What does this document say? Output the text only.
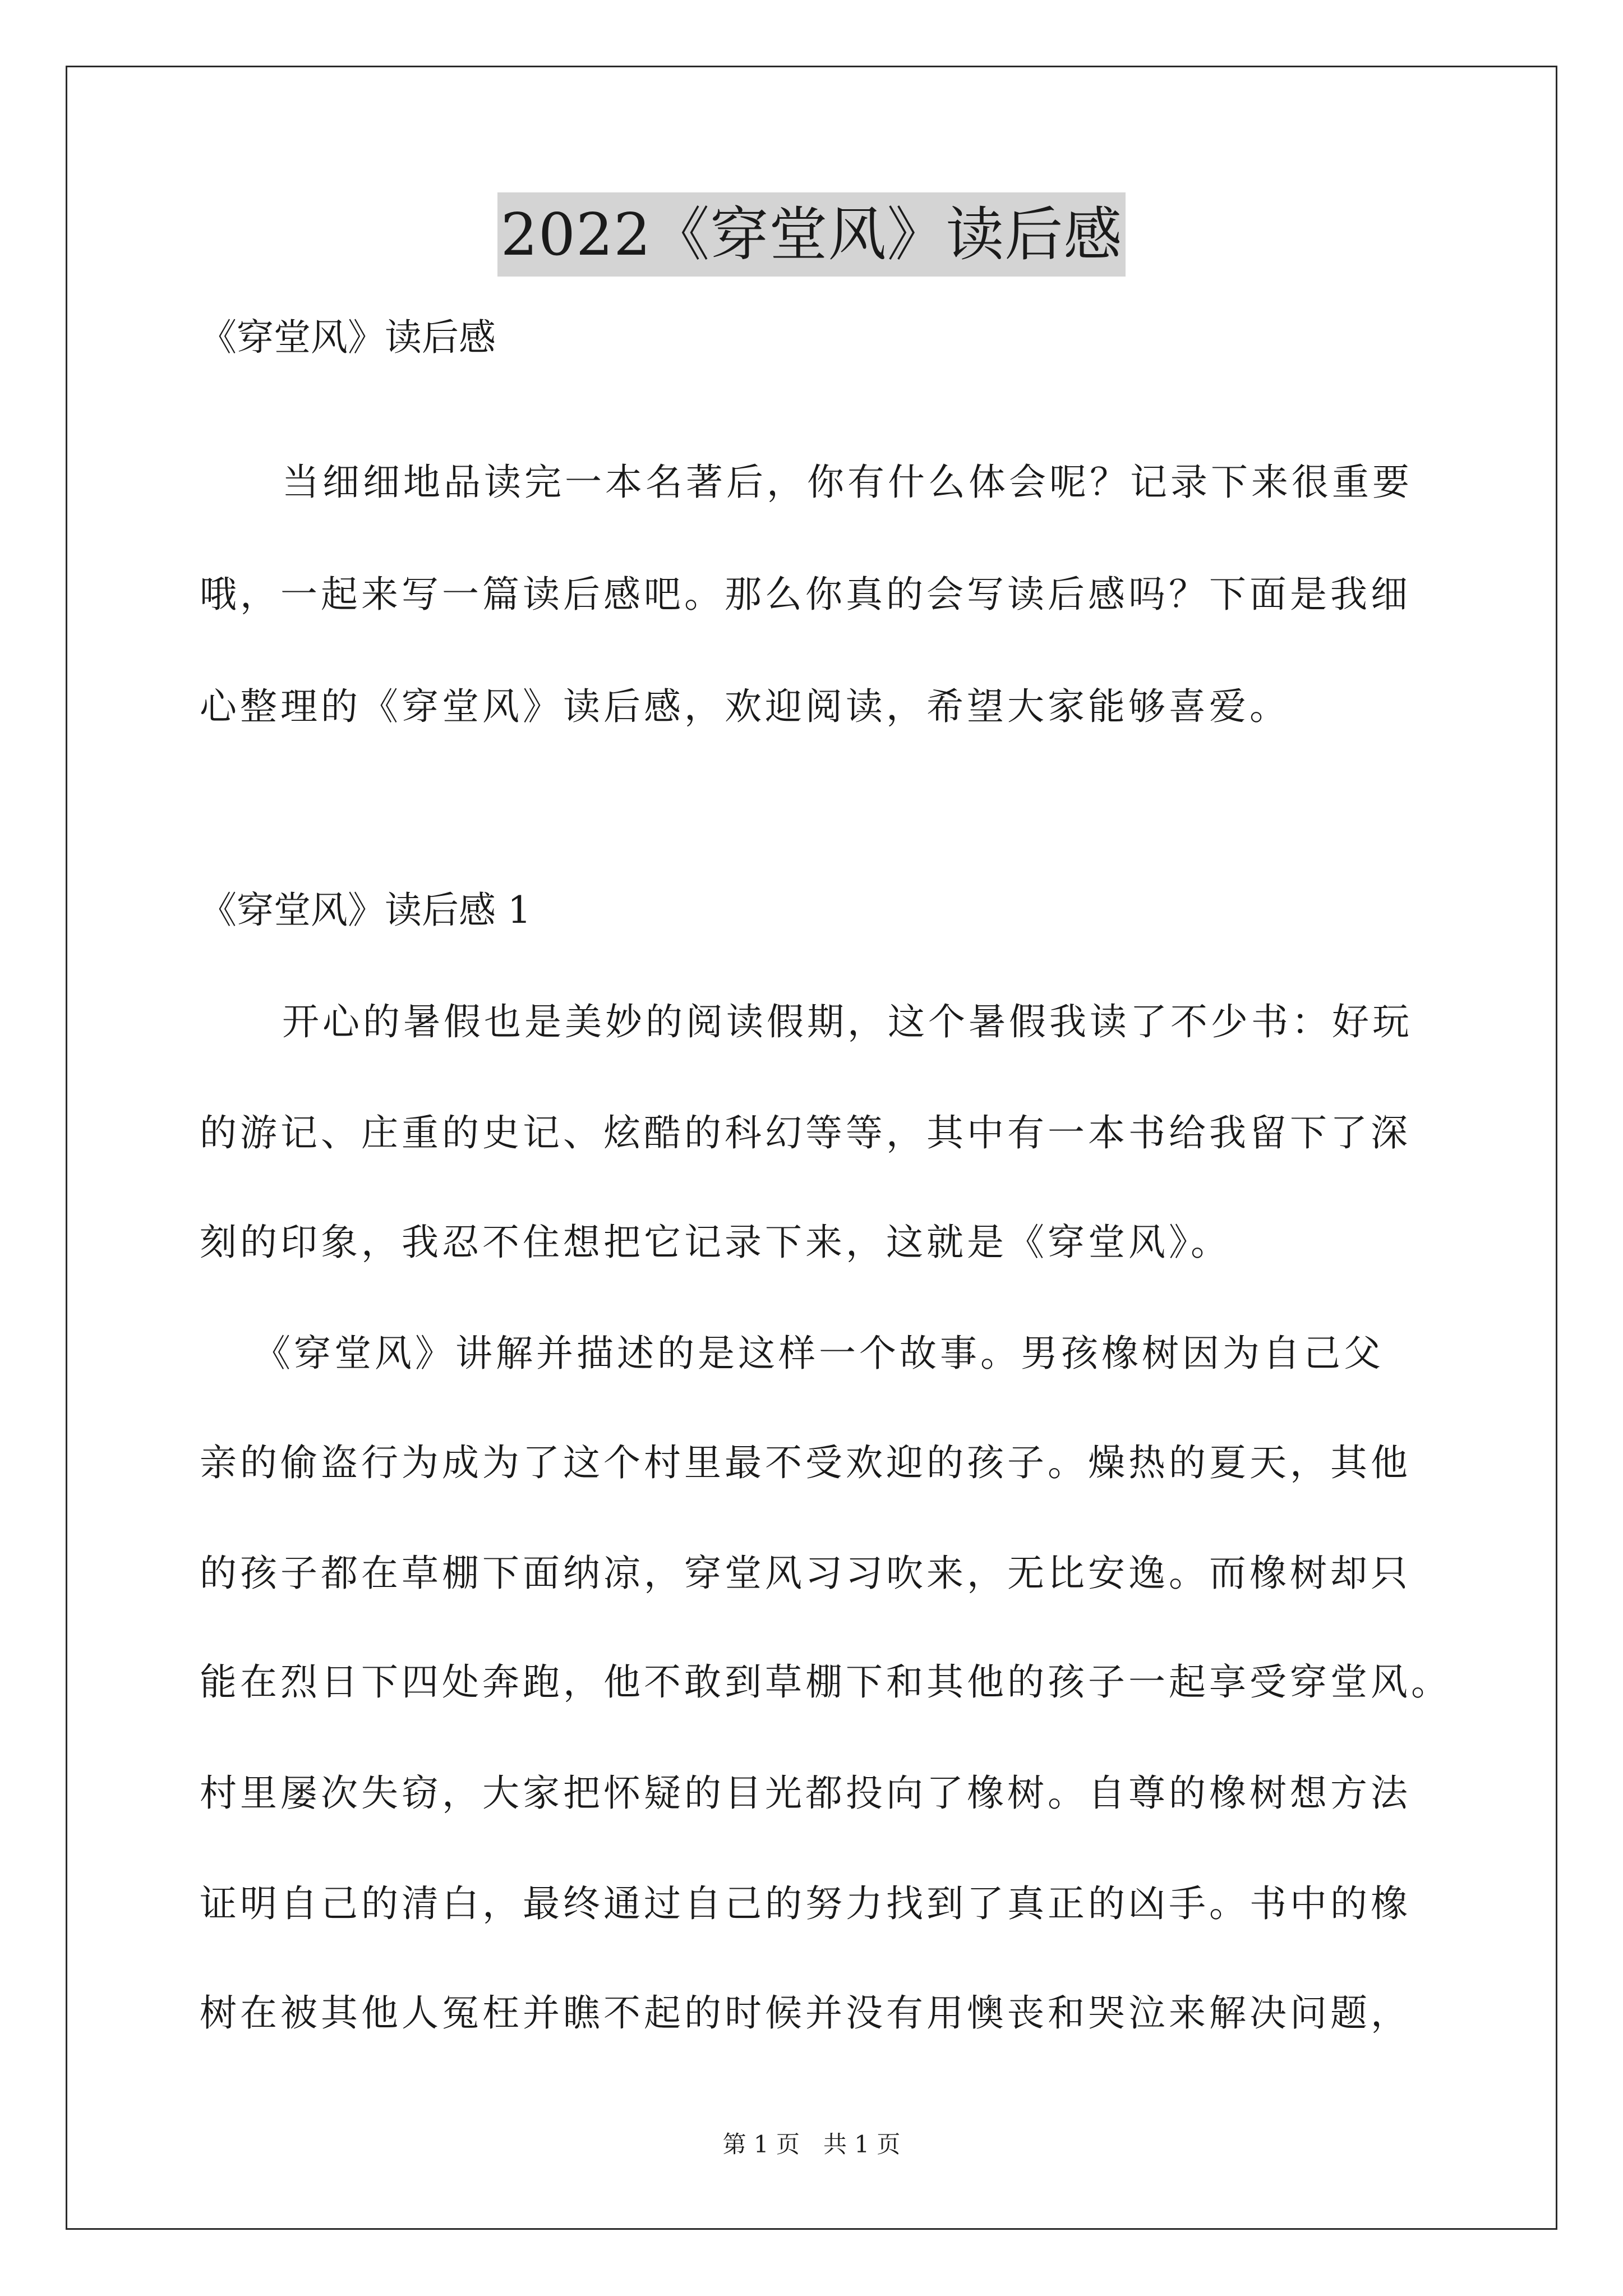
2022《穿堂风》读后感
《穿堂风》读后感
当细细地品读完一本名著后，你有什么体会呢？记录下来很重要
哦，一起来写一篇读后感吧。那么你真的会写读后感吗？下面是我细
心整理的《穿堂风》读后感，欢迎阅读，希望大家能够喜爱。
《穿堂风》读后感 1
开心的暑假也是美妙的阅读假期，这个暑假我读了不少书：好玩
的游记、庄重的史记、炫酷的科幻等等，其中有一本书给我留下了深
刻的印象，我忍不住想把它记录下来，这就是《穿堂风》。
《穿堂风》讲解并描述的是这样一个故事。男孩橡树因为自己父
亲的偷盗行为成为了这个村里最不受欢迎的孩子。燥热的夏天，其他
的孩子都在草棚下面纳凉，穿堂风习习吹来，无比安逸。而橡树却只
能在烈日下四处奔跑，他不敢到草棚下和其他的孩子一起享受穿堂风。
村里屡次失窃，大家把怀疑的目光都投向了橡树。自尊的橡树想方法
证明自己的清白，最终通过自己的努力找到了真正的凶手。书中的橡
树在被其他人冤枉并瞧不起的时候并没有用懊丧和哭泣来解决问题，
第 1 页　共 1 页
